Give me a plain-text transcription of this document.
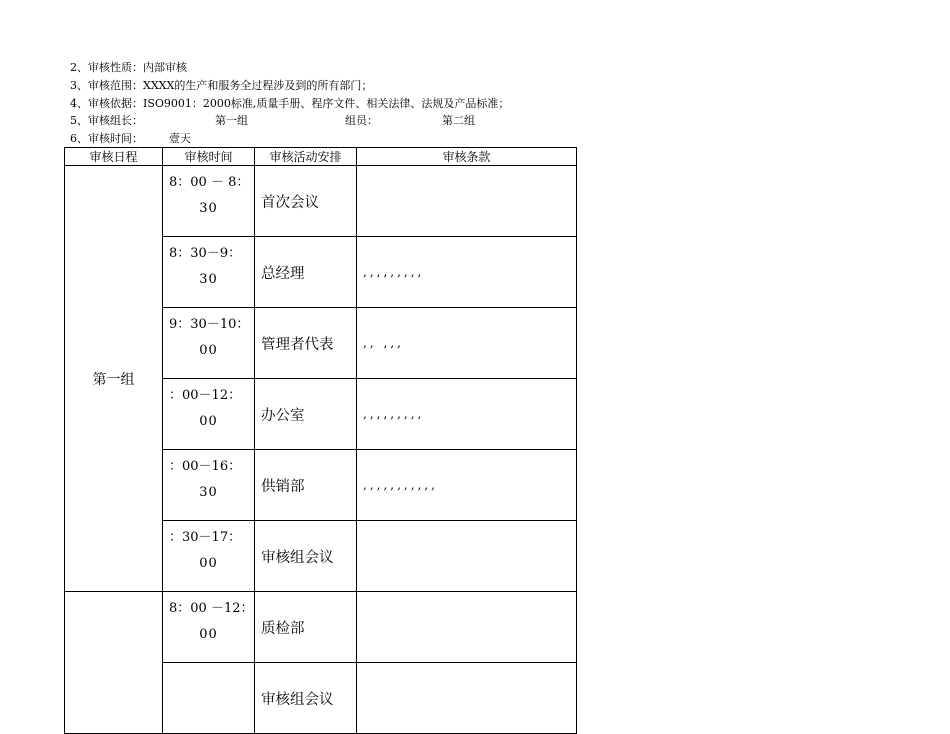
2、审核性质：内部审核
3、审核范围：XXXX的生产和服务全过程涉及到的所有部门；
4、审核依据：ISO9001：2000标准,质量手册、程序文件、相关法律、法规及产品标准；

5、审核组长：

	第一组

	组员：

	第二组

6、审核时间：

壹天

审核日程	审核时间	审核活动安排	审核条款
第一组	8：00 － 8：
30	首次会议	

	8：30－9：
30	总经理	,,,,,,,,,

	9：30－10：
00	管理者代表	,, ,,,

	：00－12：
00	办公室	,,,,,,,,,

	：00－16：
30	供销部	,,,,,,,,,,,

	：30－17：
00	审核组会议	

	8：00 －12：
00	质检部	

		审核组会议	
